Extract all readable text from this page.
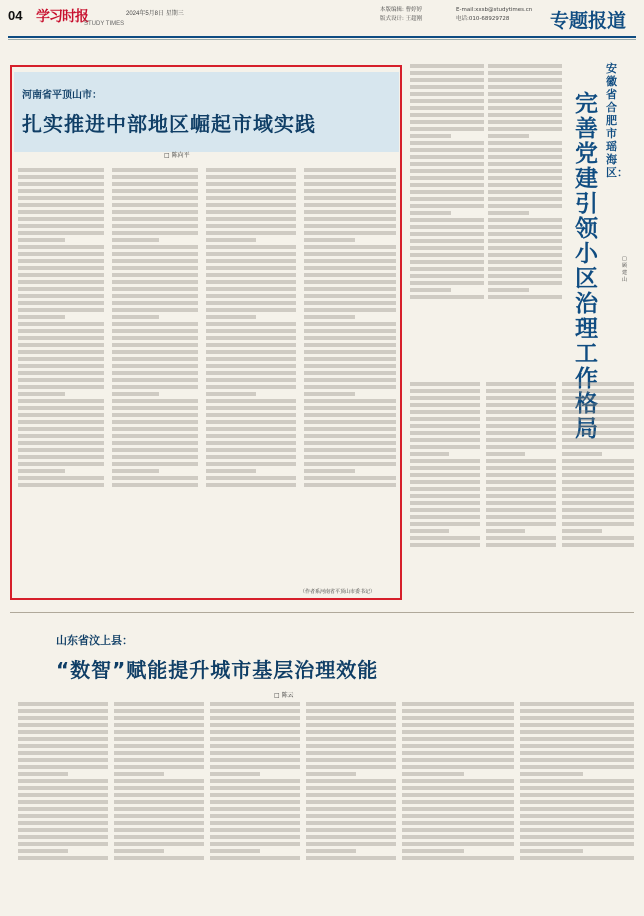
04 学习时报
STUDY TIMES
2024年5月8日 星期三
本版编辑: 曹婷婷
版式设计: 王超刚
E-mail:xxsb@studytimes.cn
电话:010-68929728	专题报道
河南省平顶山市：
扎实推进中部地区崛起市域实践
□ 陈向平
（作者系河南省平顶山市委书记）
安徽省合肥市瑶海区：
完善党建引领小区治理工作格局
□ 顾建山
山东省汶上县：
“数智”赋能提升城市基层治理效能
□ 陈云
